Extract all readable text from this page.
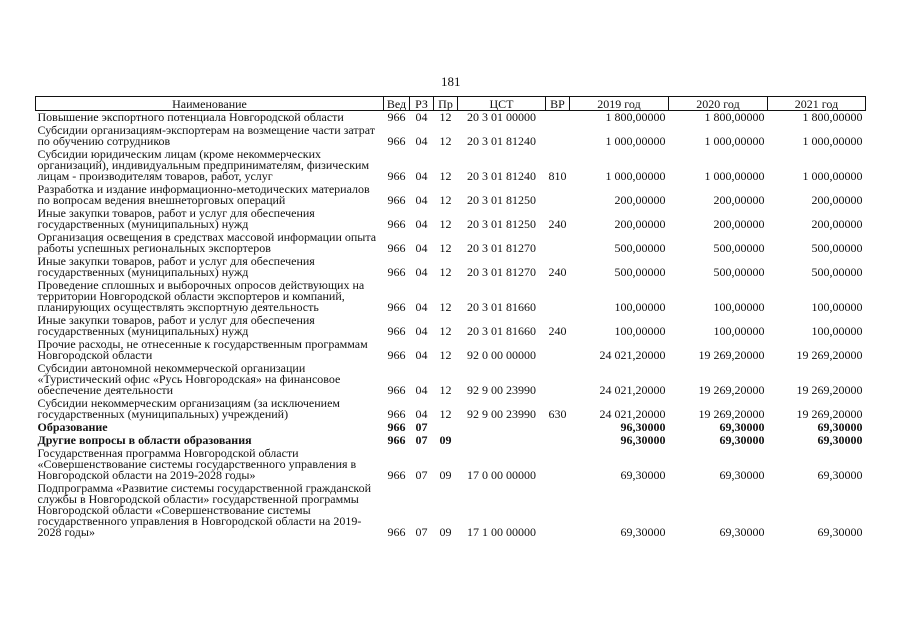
181
Наименование	Вед	РЗ	Пр	ЦСТ	ВР	2019 год	2020 год	2021 год
Повышение экспортного потенциала Новгородской области	966	04	12	20 3 01 00000		1 800,00000	1 800,00000	1 800,00000
Субсидии организациям-экспортерам на возмещение части затрат по обучению сотрудников	966	04	12	20 3 01 81240		1 000,00000	1 000,00000	1 000,00000
Субсидии юридическим лицам (кроме некоммерческих организаций), индивидуальным предпринимателям, физическим лицам - производителям товаров, работ, услуг	966	04	12	20 3 01 81240	810	1 000,00000	1 000,00000	1 000,00000
Разработка и издание информационно-методических материалов по вопросам ведения внешнеторговых операций	966	04	12	20 3 01 81250		200,00000	200,00000	200,00000
Иные закупки товаров, работ и услуг для обеспечения государственных (муниципальных) нужд	966	04	12	20 3 01 81250	240	200,00000	200,00000	200,00000
Организация освещения в средствах массовой информации опыта работы успешных региональных экспортеров	966	04	12	20 3 01 81270		500,00000	500,00000	500,00000
Иные закупки товаров, работ и услуг для обеспечения государственных (муниципальных) нужд	966	04	12	20 3 01 81270	240	500,00000	500,00000	500,00000
Проведение сплошных и выборочных опросов действующих на территории Новгородской области экспортеров и компаний, планирующих осуществлять экспортную деятельность	966	04	12	20 3 01 81660		100,00000	100,00000	100,00000
Иные закупки товаров, работ и услуг для обеспечения государственных (муниципальных) нужд	966	04	12	20 3 01 81660	240	100,00000	100,00000	100,00000
Прочие расходы, не отнесенные к государственным программам Новгородской области	966	04	12	92 0 00 00000		24 021,20000	19 269,20000	19 269,20000
Субсидии автономной некоммерческой организации «Туристический офис «Русь Новгородская» на финансовое обеспечение деятельности	966	04	12	92 9 00 23990		24 021,20000	19 269,20000	19 269,20000
Субсидии некоммерческим организациям (за исключением государственных (муниципальных) учреждений)	966	04	12	92 9 00 23990	630	24 021,20000	19 269,20000	19 269,20000
Образование	966	07				96,30000	69,30000	69,30000
Другие вопросы в области образования	966	07	09			96,30000	69,30000	69,30000
Государственная программа Новгородской области «Совершенствование системы государственного управления в Новгородской области на 2019-2028 годы»	966	07	09	17 0 00 00000		69,30000	69,30000	69,30000
Подпрограмма «Развитие системы государственной гражданской службы в Новгородской области» государственной программы Новгородской области «Совершенствование системы государственного управления в Новгородской области на 2019-2028 годы»	966	07	09	17 1 00 00000		69,30000	69,30000	69,30000
